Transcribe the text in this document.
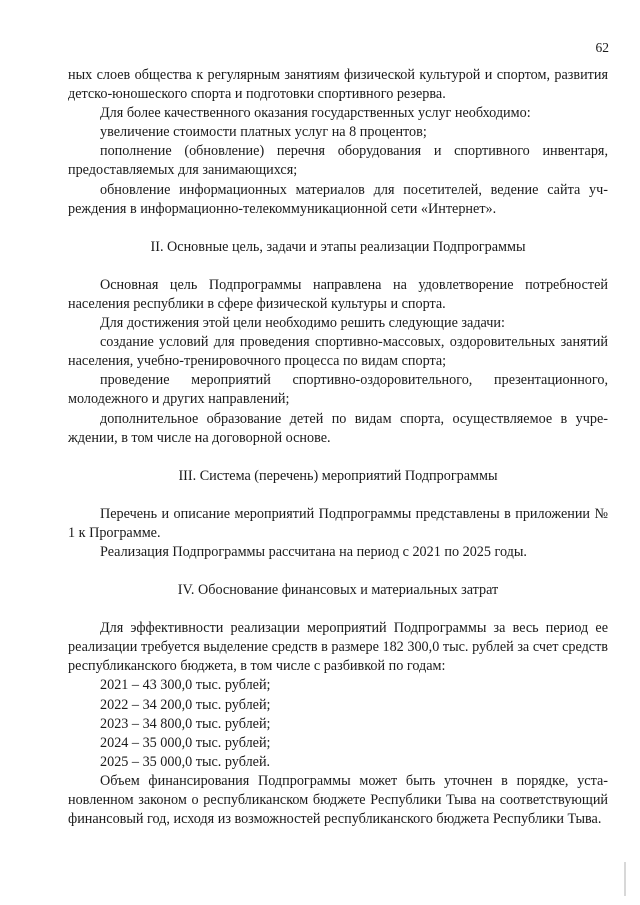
62

ных слоев общества к регулярным занятиям физической культурой и спортом, развития детско-юношеского спорта и подготовки спортивного резерва.

Для более качественного оказания государственных услуг необходимо:

увеличение стоимости платных услуг на 8 процентов;

пополнение (обновление) перечня оборудования и спортивного инвентаря, предоставляемых для занимающихся;

обновление информационных материалов для посетителей, ведение сайта учреждения в информационно-телекоммуникационной сети «Интернет».

II. Основные цель, задачи и этапы реализации Подпрограммы

Основная цель Подпрограммы направлена на удовлетворение потребностей населения республики в сфере физической культуры и спорта.

Для достижения этой цели необходимо решить следующие задачи:

создание условий для проведения спортивно-массовых, оздоровительных занятий населения, учебно-тренировочного процесса по видам спорта;

проведение мероприятий спортивно-оздоровительного, презентационного, молодежного и других направлений;

дополнительное образование детей по видам спорта, осуществляемое в учреждении, в том числе на договорной основе.

III. Система (перечень) мероприятий Подпрограммы

Перечень и описание мероприятий Подпрограммы представлены в приложении № 1 к Программе.

Реализация Подпрограммы рассчитана на период с 2021 по 2025 годы.

IV. Обоснование финансовых и материальных затрат

Для эффективности реализации мероприятий Подпрограммы за весь период ее реализации требуется выделение средств в размере 182 300,0 тыс. рублей за счет средств республиканского бюджета, в том числе с разбивкой по годам:

2021 – 43 300,0 тыс. рублей;
2022 – 34 200,0 тыс. рублей;
2023 – 34 800,0 тыс. рублей;
2024 – 35 000,0 тыс. рублей;
2025 – 35 000,0 тыс. рублей.

Объем финансирования Подпрограммы может быть уточнен в порядке, установленном законом о республиканском бюджете Республики Тыва на соответствующий финансовый год, исходя из возможностей республиканского бюджета Республики Тыва.
